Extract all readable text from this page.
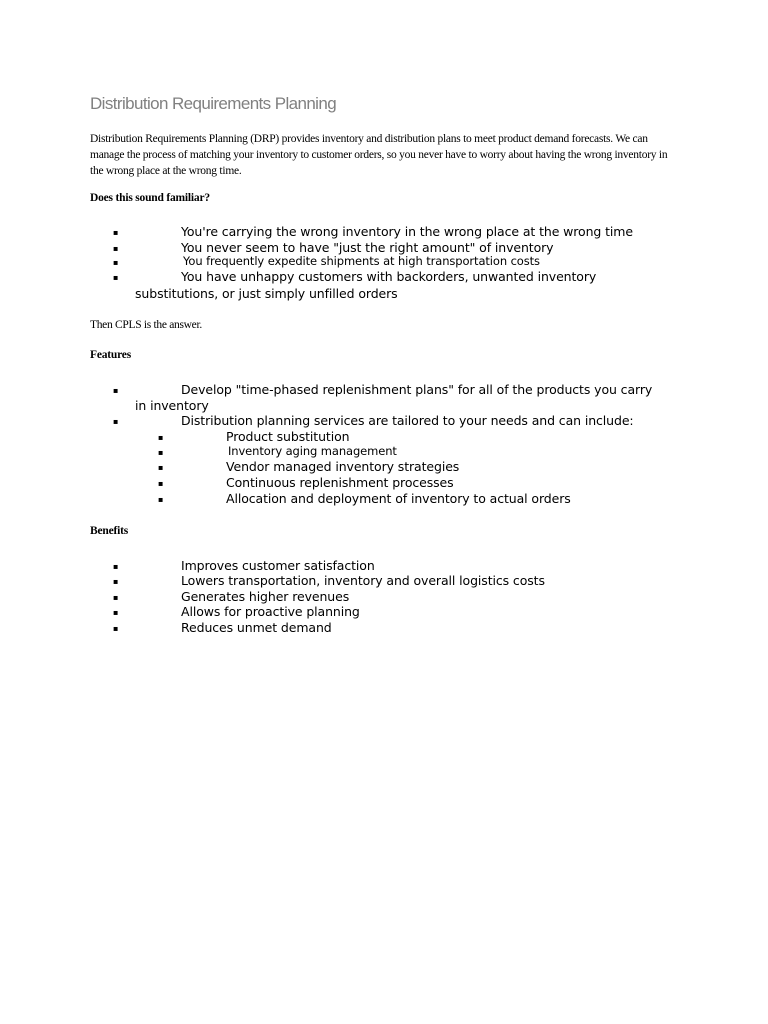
Distribution Requirements Planning
Distribution Requirements Planning (DRP) provides inventory and distribution plans to meet product demand forecasts. We can manage the process of matching your inventory to customer orders, so you never have to worry about having the wrong inventory in the wrong place at the wrong time.
Does this sound familiar?
▪	You're carrying the wrong inventory in the wrong place at the wrong time
▪	You never seem to have "just the right amount" of inventory
▪	You frequently expedite shipments at high transportation costs
▪	You have unhappy customers with backorders, unwanted inventory
substitutions, or just simply unfilled orders
Then CPLS is the answer.
Features
▪	Develop "time-phased replenishment plans" for all of the products you carry
in inventory
▪	Distribution planning services are tailored to your needs and can include:
▪	Product substitution
▪	Inventory aging management
▪	Vendor managed inventory strategies
▪	Continuous replenishment processes
▪	Allocation and deployment of inventory to actual orders
Benefits
▪	Improves customer satisfaction
▪	Lowers transportation, inventory and overall logistics costs
▪	Generates higher revenues
▪	Allows for proactive planning
▪	Reduces unmet demand
